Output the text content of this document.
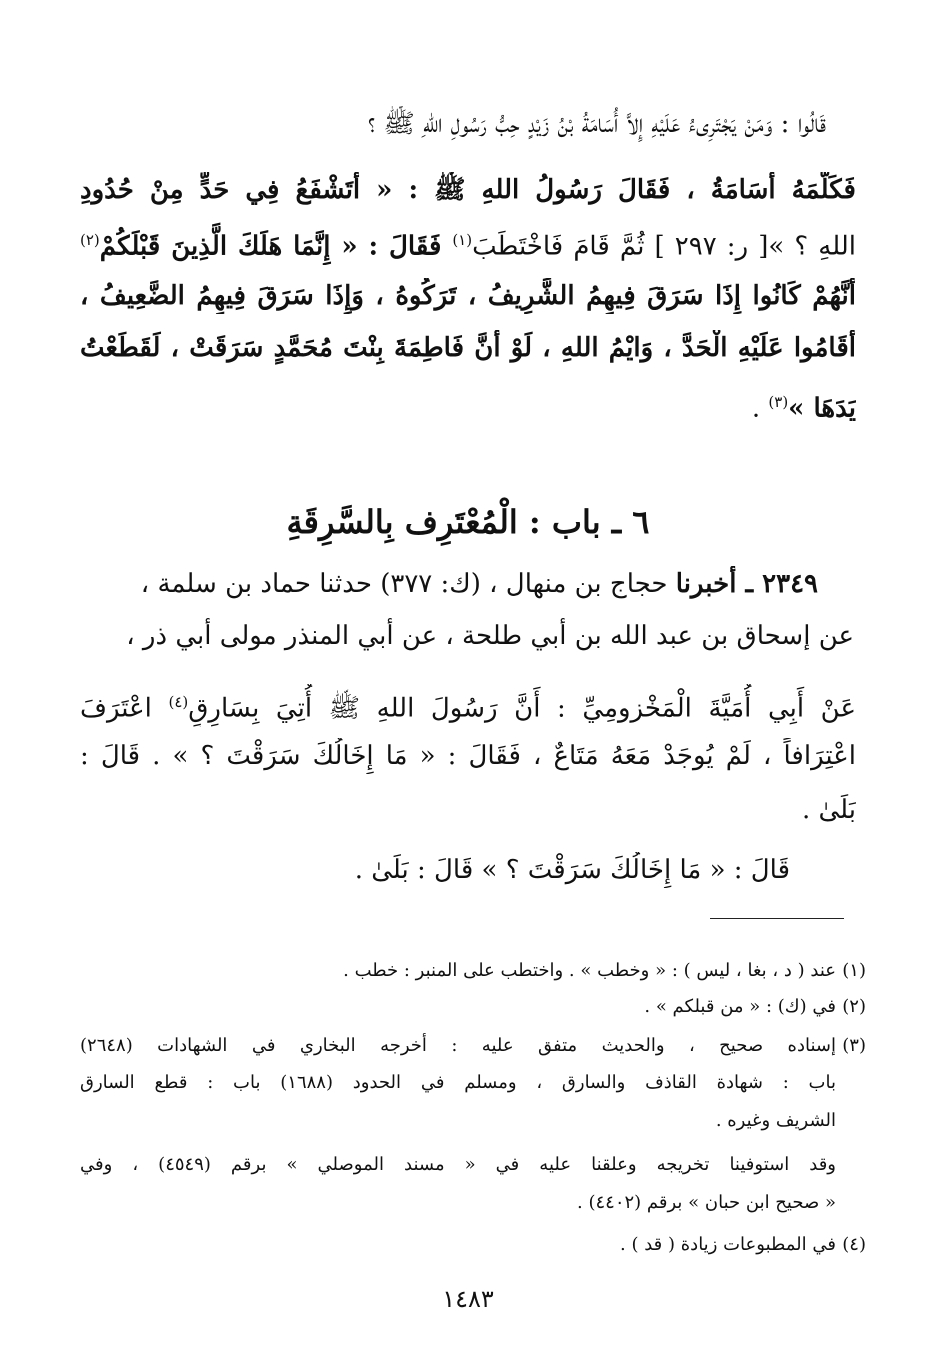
قَالُوا : وَمَنْ يَجْتَرِىءُ عَلَيْهِ إِلاَّ أُسَامَةُ بْنُ زَيْدٍ حِبُّ رَسُولِ اللهِ ﷺ ؟
فَكَلَّمَهُ أُسَامَةُ ، فَقَالَ رَسُولُ اللهِ ﷺ : « أَتَشْفَعُ فِي حَدٍّ مِنْ حُدُودِ
اللهِ ؟ »[ ر: ٢٩٧ ] ثُمَّ قَامَ فَاخْتَطَبَ$^{(١)}$ فَقَالَ : « إِنَّمَا هَلَكَ الَّذِينَ قَبْلَكُمْ$^{(٢)}$
أَنَّهُمْ كَانُوا إِذَا سَرَقَ فِيهِمُ الشَّرِيفُ ، تَرَكُوهُ ، وَإِذَا سَرَقَ فِيهِمُ الضَّعِيفُ ،
أَقَامُوا عَلَيْهِ الْحَدَّ ، وَايْمُ اللهِ ، لَوْ أَنَّ فَاطِمَةَ بِنْتَ مُحَمَّدٍ سَرَقَتْ ، لَقَطَعْتُ
يَدَهَا »$^{(٣)}$ .
٦ ـ باب : الْمُعْتَرِف بِالسَّرِقَةِ
٢٣٤٩ ـ أخبرنا حجاج بن منهال ، (ك: ٣٧٧) حدثنا حماد بن سلمة ،
عن إسحاق بن عبد الله بن أبي طلحة ، عن أبي المنذر مولى أبي ذر ،
عَنْ أَبِي أُمَيَّةَ الْمَخْزومِيِّ : أَنَّ رَسُولَ اللهِ ﷺ أُتِيَ بِسَارِقٍ$^{(٤)}$ اعْتَرَفَ
اعْتِرَافاً ، لَمْ يُوجَدْ مَعَهُ مَتَاعٌ ، فَقَالَ : « مَا إِخَالُكَ سَرَقْتَ ؟ » . قَالَ :
بَلَىٰ .
قَالَ : « مَا إِخَالُكَ سَرَقْتَ ؟ » قَالَ : بَلَىٰ .
(١)
عند ( د ، بغا ، ليس ) : « وخطب » . واختطب على المنبر : خطب .
(٢)
في (ك) : « من قبلكم » .
(٣)
إسناده صحيح ، والحديث متفق عليه : أخرجه البخاري في الشهادات (٢٦٤٨)
باب : شهادة القاذف والسارق ، ومسلم في الحدود (١٦٨٨) باب : قطع السارق
الشريف وغيره .
وقد استوفينا تخريجه وعلقنا عليه في « مسند الموصلي » برقم (٤٥٤٩) ، وفي
« صحيح ابن حبان » برقم (٤٤٠٢) .
(٤)
في المطبوعات زيادة ( قد ) .
١٤٨٣
